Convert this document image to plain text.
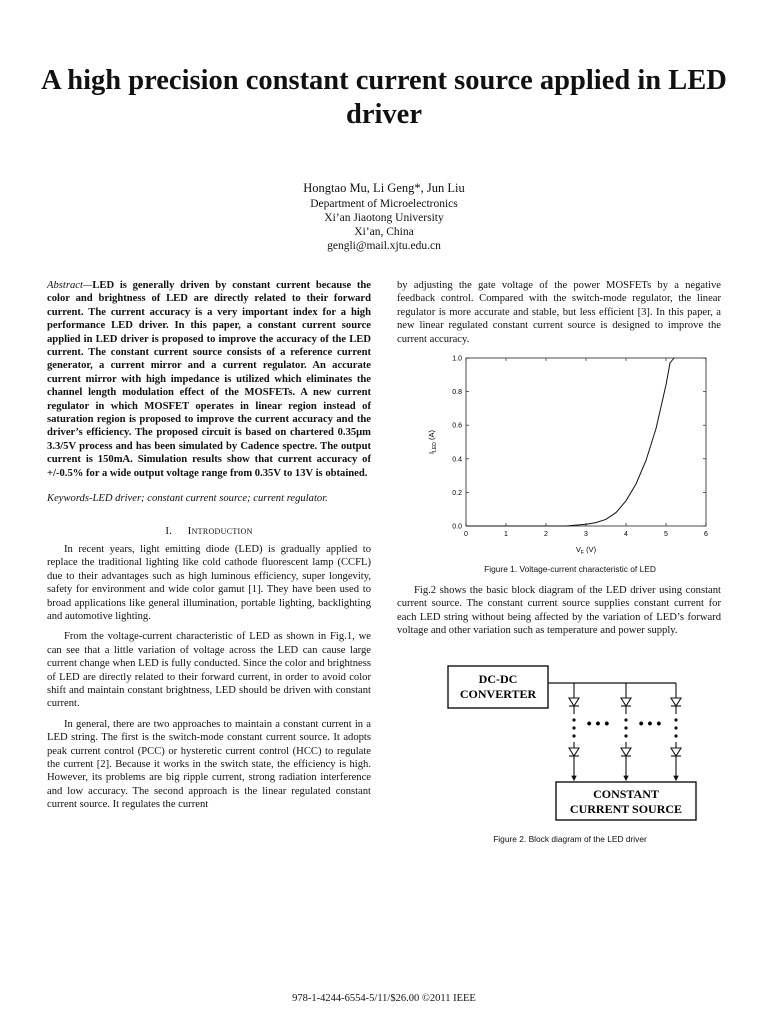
A high precision constant current source applied in LED driver
Hongtao Mu, Li Geng*, Jun Liu
Department of Microelectronics
Xi’an Jiaotong University
Xi’an, China
gengli@mail.xjtu.edu.cn

Abstract—LED is generally driven by constant current because the color and brightness of LED are directly related to their forward current. The current accuracy is a very important index for a high performance LED driver. In this paper, a constant current source applied in LED driver is proposed to improve the accuracy of the LED current. The constant current source consists of a reference current generator, a current mirror and a current regulator. An accurate current mirror with high impedance is utilized which eliminates the channel length modulation effect of the MOSFETs. A new current regulator in which MOSFET operates in linear region instead of saturation region is proposed to improve the current accuracy and the driver’s efficiency. The proposed circuit is based on chartered 0.35μm 3.3/5V process and has been simulated by Cadence spectre. The output current is 150mA. Simulation results show that current accuracy of +/-0.5% for a wide output voltage range from 0.35V to 13V is obtained.

Keywords-LED driver; constant current source; current regulator.

I. Introduction

In recent years, light emitting diode (LED) is gradually applied to replace the traditional lighting like cold cathode fluorescent lamp (CCFL) due to their advantages such as high luminous efficiency, super longevity, safety for environment and wide color gamut [1]. They have been used to broad applications like general illumination, portable lighting, backlighting and automotive lighting.

From the voltage-current characteristic of LED as shown in Fig.1, we can see that a little variation of voltage across the LED can cause large current change when LED is fully conducted. Since the color and brightness of LED are directly related to their forward current, in order to avoid color shift and maintain constant brightness, LED should be driven with constant current.

In general, there are two approaches to maintain a constant current in a LED string. The first is the switch-mode constant current source. It adopts peak current control (PCC) or hysteretic current control (HCC) to regulate the current [2]. Because it works in the switch state, the efficiency is high. However, its problems are big ripple current, strong radiation interference and low accuracy. The second approach is the linear regulated constant current source. It regulates the current

by adjusting the gate voltage of the power MOSFETs by a negative feedback control. Compared with the switch-mode regulator, the linear regulator is more accurate and stable, but less efficient [3]. In this paper, a new linear regulated constant current source is designed to improve the current accuracy.

0	1	2	3	4	5	6
0.0
0.2
0.4
0.6
0.8
1.0
$V_F$ (V)
$I_{LED}$ (A)
Figure 1. Voltage-current characteristic of LED

Fig.2 shows the basic block diagram of the LED driver using constant current source. The constant current source supplies constant current for each LED string without being affected by the variation of LED’s forward voltage and other variation such as temperature and power supply.

DC-DC
CONVERTER
• • • • • •
CONSTANT
CURRENT SOURCE
Figure 2. Block diagram of the LED driver
978-1-4244-6554-5/11/$26.00 ©2011 IEEE
